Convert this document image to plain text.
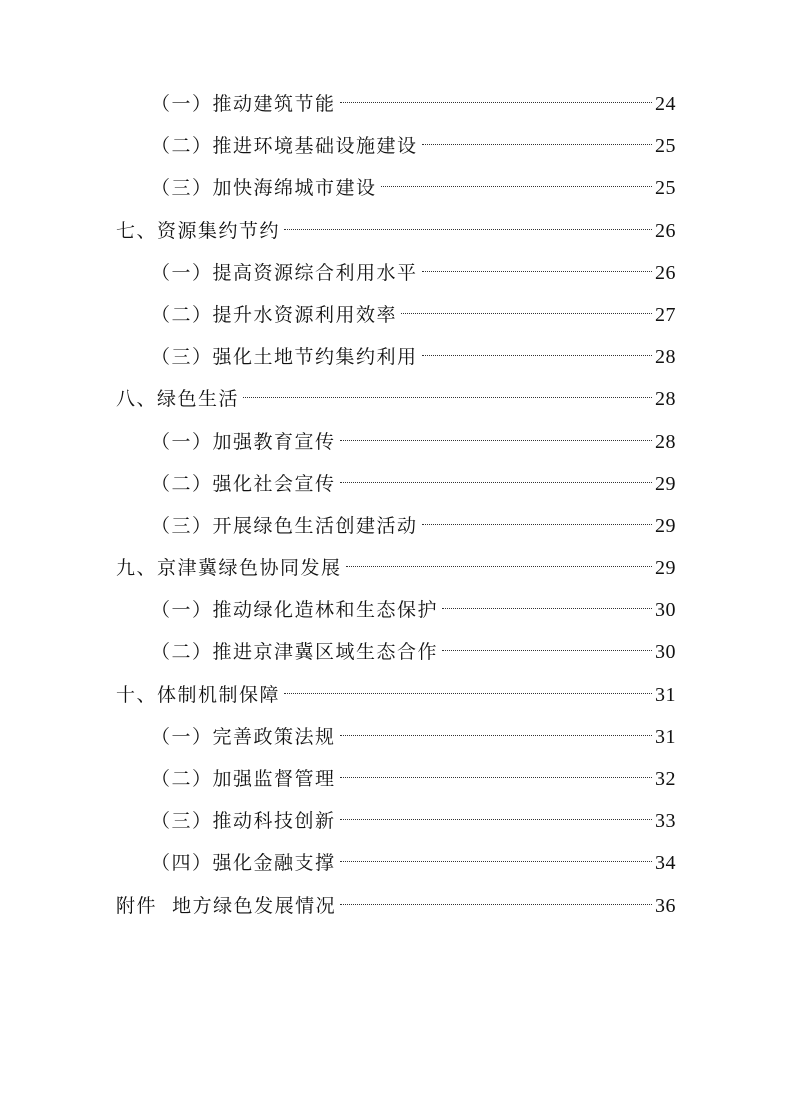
（一）推动建筑节能	24
（二）推进环境基础设施建设	25
（三）加快海绵城市建设	25
七、资源集约节约	26
（一）提高资源综合利用水平	26
（二）提升水资源利用效率	27
（三）强化土地节约集约利用	28
八、绿色生活	28
（一）加强教育宣传	28
（二）强化社会宣传	29
（三）开展绿色生活创建活动	29
九、京津冀绿色协同发展	29
（一）推动绿化造林和生态保护	30
（二）推进京津冀区域生态合作	30
十、体制机制保障	31
（一）完善政策法规	31
（二）加强监督管理	32
（三）推动科技创新	33
（四）强化金融支撑	34
附件  地方绿色发展情况	36
